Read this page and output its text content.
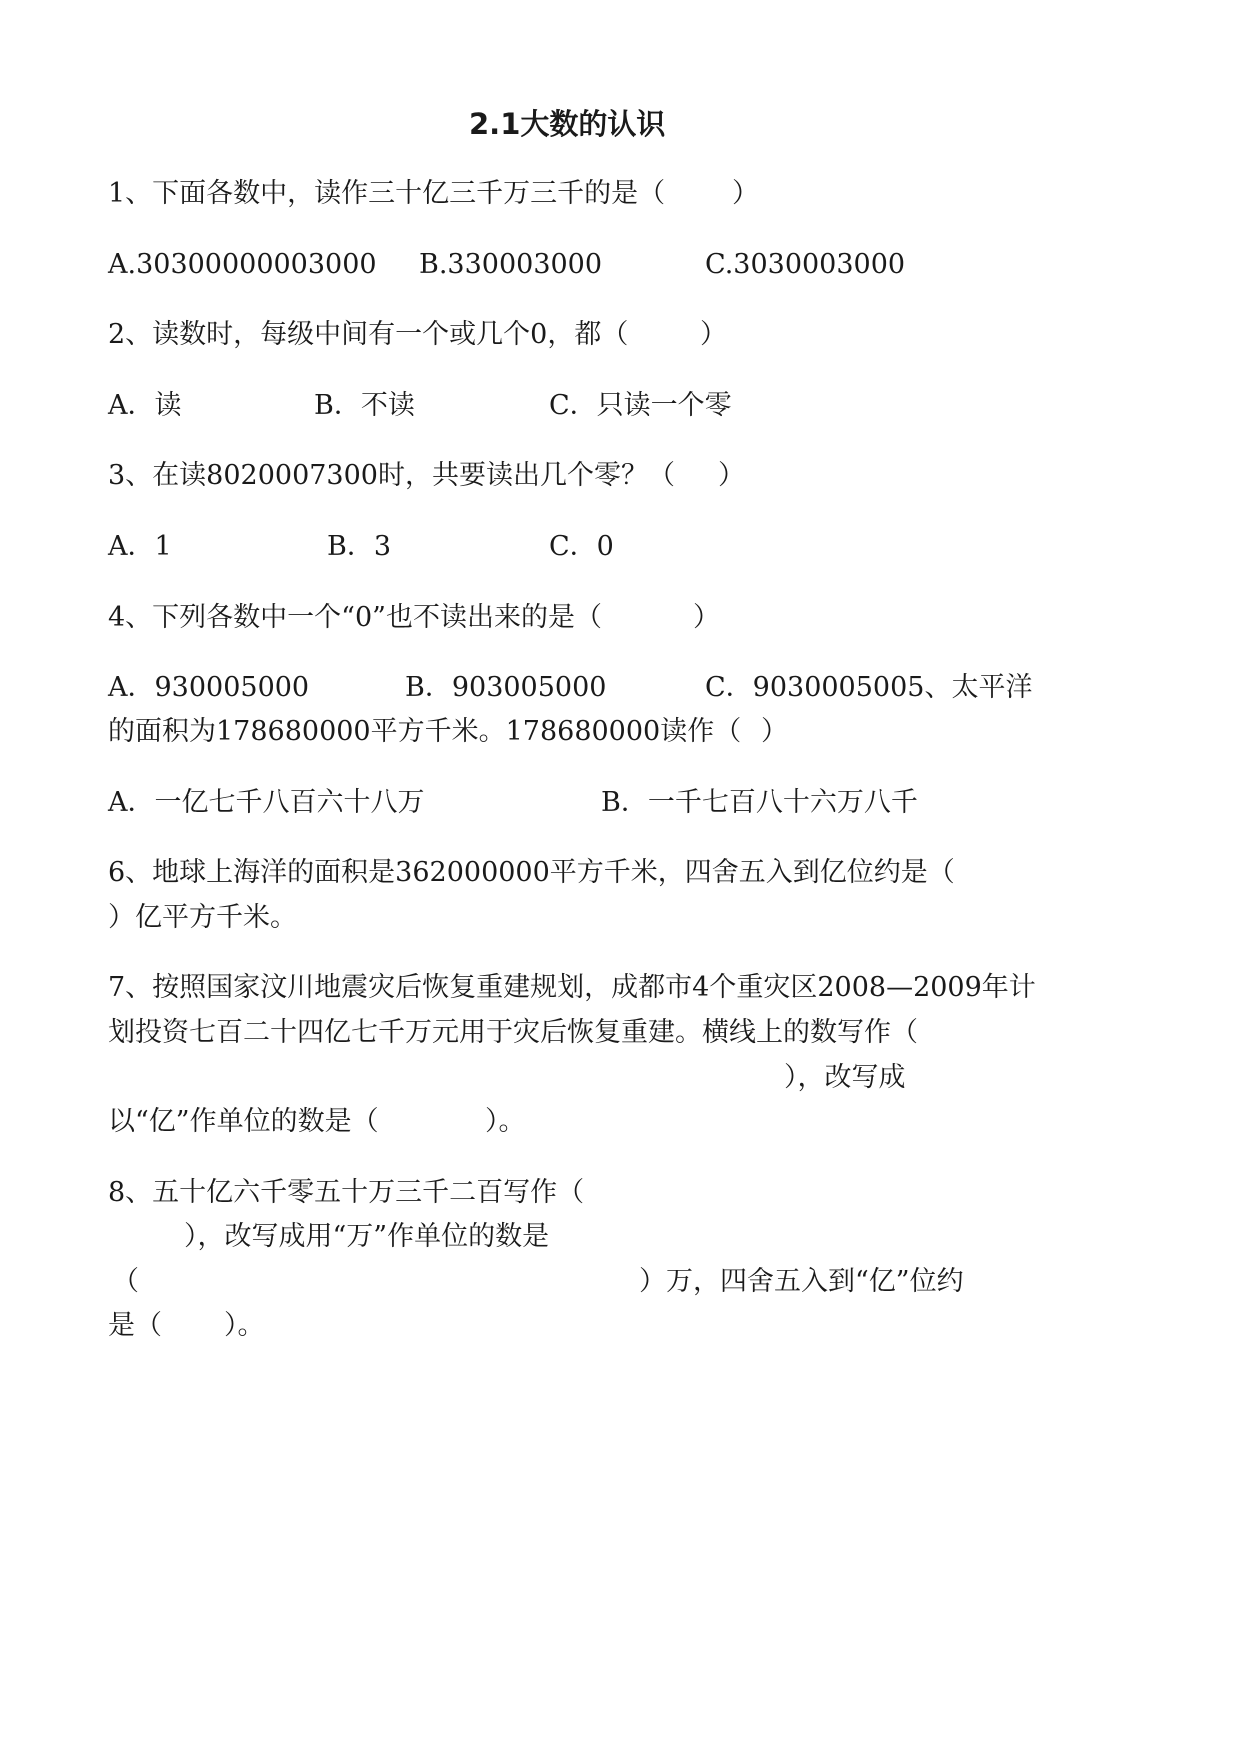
2.1大数的认识
1、下面各数中，读作三十亿三千万三千的是（ ）
A.30300000003000 B.330003000	C.3030003000
2、读数时，每级中间有一个或几个0，都（	）
A．读	B．不读	C．只读一个零
3、在读8020007300时，共要读出几个零？（ ）
A．1	B．3	C．0
4、下列各数中一个“0”也不读出来的是（	）
A．930005000	B．903005000	C．9030005005、太平洋
的面积为178680000平方千米。178680000读作（ ）
A．一亿七千八百六十八万	B．一千七百八十六万八千
6、地球上海洋的面积是362000000平方千米，四舍五入到亿位约是（
）亿平方千米。
7、按照国家汶川地震灾后恢复重建规划，成都市4个重灾区2008—2009年计
划投资七百二十四亿七千万元用于灾后恢复重建。横线上的数写作（
），改写成
以“亿”作单位的数是（	）。
8、五十亿六千零五十万三千二百写作（
），改写成用“万”作单位的数是
（	）万，四舍五入到“亿”位约
是（ ）。
